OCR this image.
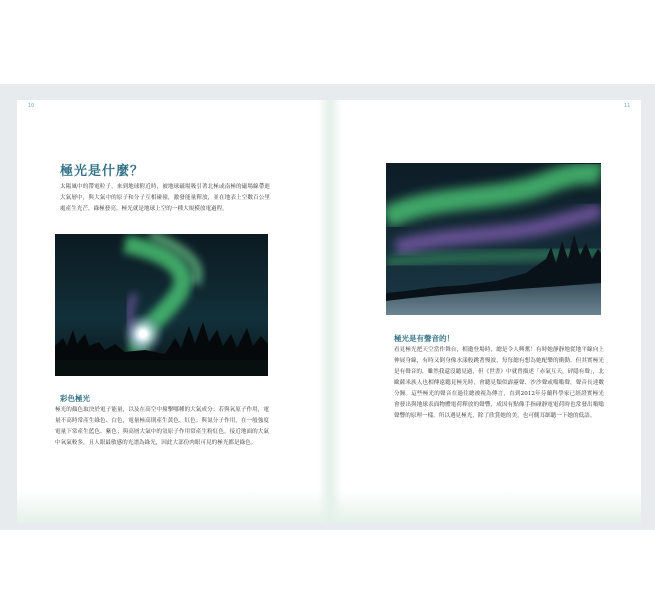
10	11
極光是什麼？

太陽風中的帶電粒子，來到地球附近時，被地球磁場吸引著北極或南極的磁場線帶進大氣層中，與大氣中的原子和分子互相碰撞，激發能量釋放，並在地表上空數百公里處產生光芒，綠極發亮，極光就是地球上空的一種大規模放電過程。

彩色極光

極光的顏色取決於電子能量，以及在高空中撞擊哪種的大氣成分；若與氧原子作用，電量不高時常產生綠色、白色，電量極高則產生黃色、紅色；與氮分子作用，在一般強度電量下常產生藍色、紫色；與高層大氣中的氫原子作用常產生粉紅色。接近地面的大氣中氧氣較多，且人眼最敏感的光譜為綠光，因此大部份肉眼可見的極光都是綠色。

極光是有聲音的！

看見極光把天空當作舞台，相邀登場時，總是令人興奮！有時她靜靜地從地平線向上伸展身線，有時又倒身像水漾般跳著慢波，每每總有想為她配樂的衝動。但其實極光是有聲音的，雖然我還沒聽見過，但《世書》中就曾描述「赤氣互天，砰隱有聲」，北歐薩米族人也相傳遠聽見極光時，會聽見類似霹靂聲、沙沙聲或嗡嗡聲，聲音長達數分鐘。這些極光的聲音在過往總被視為傳言，直到2012年芬蘭科學家已經證實極光會發出與地球表面物體電荷釋放的聲響，成因有點像手指碰靜電電荷時也常發出嗡嗡聲響的原理一樣。所以遇見極光，除了欣賞她的美，也可側耳細聽一下她的低語。
